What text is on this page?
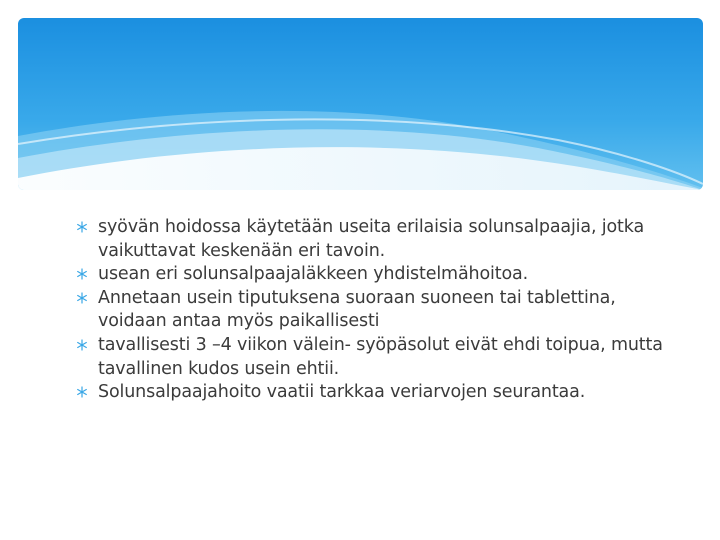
syövän hoidossa käytetään useita erilaisia solunsalpaajia, jotka vaikuttavat keskenään eri tavoin.
usean eri solunsalpaajaläkkeen yhdistelmähoitoa.
Annetaan usein tiputuksena suoraan suoneen tai tablettina, voidaan antaa myös paikallisesti
tavallisesti 3 –4 viikon välein- syöpäsolut eivät ehdi toipua, mutta tavallinen kudos usein ehtii.
Solunsalpaajahoito vaatii tarkkaa veriarvojen seurantaa.
